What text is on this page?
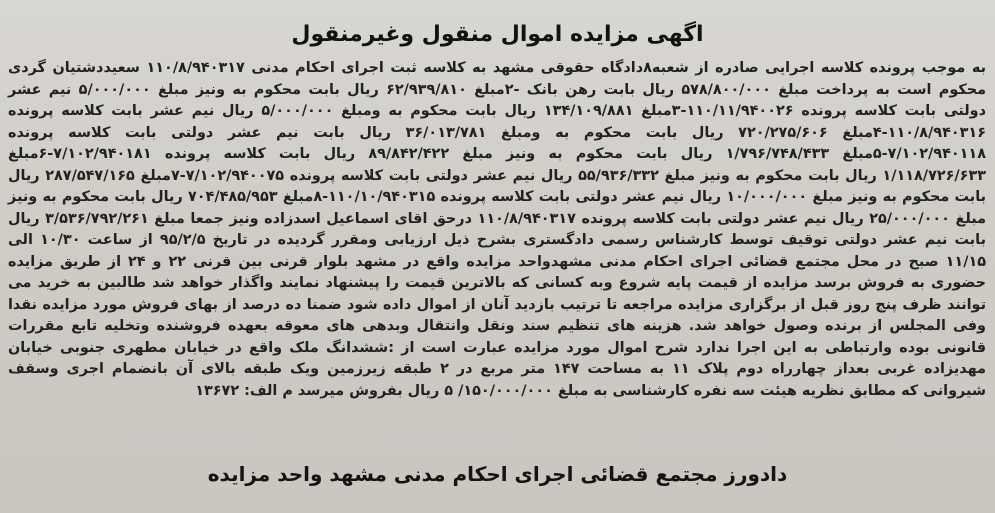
اگهی مزایده اموال منقول وغیرمنقول
به موجب پرونده کلاسه اجرایی صادره از شعبه۸دادگاه حقوقی مشهد به کلاسه ثبت اجرای احکام مدنی ۱۱۰/۸/۹۴۰۳۱۷ سعیددشتیان گردی محکوم است به پرداخت مبلغ ۵۷۸/۸۰۰/۰۰۰ ریال بابت رهن بانک -۲مبلغ ۶۲/۹۳۹/۸۱۰ ریال بابت محکوم به ونیز مبلغ ۵/۰۰۰/۰۰۰ نیم عشر دولتی بابت کلاسه پرونده ۱۱۰/۱۱/۹۴۰۰۲۶-۳مبلغ ۱۳۴/۱۰۹/۸۸۱ ریال بابت محکوم به ومبلغ ۵/۰۰۰/۰۰۰ ریال نیم عشر بابت کلاسه پرونده ۱۱۰/۸/۹۴۰۳۱۶-۴مبلغ ۷۲۰/۲۷۵/۶۰۶ ریال بابت محکوم به ومبلغ ۳۶/۰۱۳/۷۸۱ ریال بابت نیم عشر دولتی بابت کلاسه پرونده ۷/۱۰۲/۹۴۰۱۱۸-۵مبلغ ۱/۷۹۶/۷۴۸/۴۳۳ ریال بابت محکوم به ونیز مبلغ ۸۹/۸۴۲/۴۲۲ ریال بابت کلاسه پرونده ۷/۱۰۲/۹۴۰۱۸۱-۶مبلغ ۱/۱۱۸/۷۲۶/۶۳۳ ریال بابت محکوم به ونیز مبلغ ۵۵/۹۳۶/۳۳۲ ریال نیم عشر دولتی بابت کلاسه پرونده ۷/۱۰۲/۹۴۰۰۷۵-۷مبلغ ۲۸۷/۵۴۷/۱۶۵ ریال بابت محکوم به ونیز مبلغ ۱۰/۰۰۰/۰۰۰ ریال نیم عشر دولتی بابت کلاسه پرونده ۱۱۰/۱۰/۹۴۰۳۱۵-۸مبلغ ۷۰۴/۴۸۵/۹۵۳ ریال بابت محکوم به ونیز مبلغ ۲۵/۰۰۰/۰۰۰ ریال نیم عشر دولتی بابت کلاسه پرونده ۱۱۰/۸/۹۴۰۳۱۷ درحق اقای اسماعیل اسدزاده ونیز جمعا مبلغ ۳/۵۳۶/۷۹۲/۲۶۱ ریال بابت نیم عشر دولتی توقیف توسط کارشناس رسمی دادگستری بشرح ذیل ارزیابی ومقرر گردیده در تاریخ ۹۵/۲/۵ از ساعت ۱۰/۳۰ الی ۱۱/۱۵ صبح در محل مجتمع قضائی اجرای احکام مدنی مشهدواحد مزایده واقع در مشهد بلوار قرنی بین قرنی ۲۲ و ۲۴ از طریق مزایده حضوری به فروش برسد مزایده از قیمت پایه شروع وبه کسانی که بالاترین قیمت را پیشنهاد نمایند واگذار خواهد شد طالبین به خرید می توانند ظرف پنج روز قبل از برگزاری مزایده مراجعه تا ترتیب بازدید آنان از اموال داده شود ضمنا ده درصد از بهای فروش مورد مزایده نقدا وفی المجلس از برنده وصول خواهد شد. هزینه های تنظیم سند ونقل وانتقال وبدهی های معوقه بعهده فروشنده وتخلیه تابع مقررات قانونی بوده وارتباطی به این اجرا ندارد شرح اموال مورد مزایده عبارت است از :ششدانگ ملک واقع در خیابان مطهری جنوبی خیابان مهدیزاده غربی بعداز چهارراه دوم پلاک ۱۱ به مساحت ۱۴۷ متر مربع در ۲ طبقه زیرزمین ویک طبقه بالای آن بانضمام اجری وسقف شیروانی که مطابق نظریه هیئت سه نفره کارشناسی به مبلغ ۱۵۰/۰۰۰/۰۰۰/ ۵ ریال بفروش میرسد م الف: ۱۳۶۷۲
دادورز مجتمع قضائی اجرای احکام مدنی مشهد واحد مزایده
